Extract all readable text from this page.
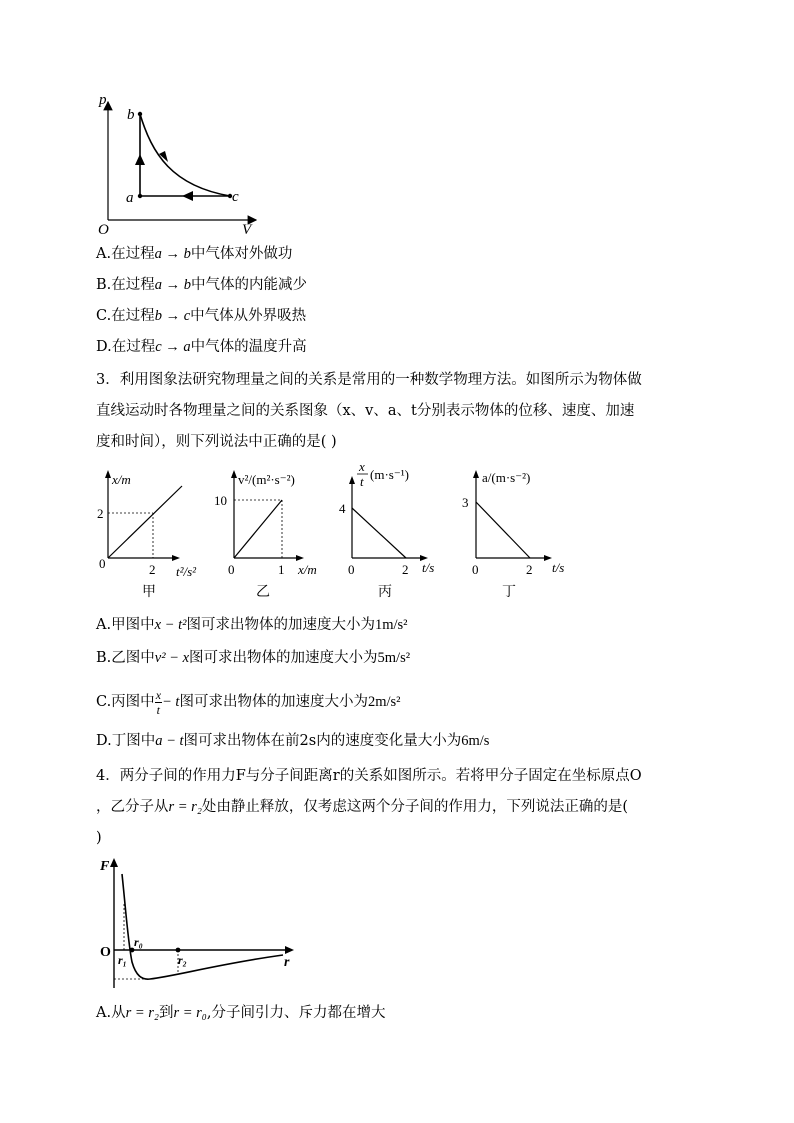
p
V
O
a
b
c
A.在过程a → b中气体对外做功
B.在过程a → b中气体的内能减少
C.在过程b → c中气体从外界吸热
D.在过程c → a中气体的温度升高
3．利用图象法研究物理量之间的关系是常用的一种数学物理方法。如图所示为物体做
直线运动时各物理量之间的关系图象（x、v、a、t分别表示物体的位移、速度、加速
度和时间），则下列说法中正确的是( )
x/m
t²/s²
2
2
0
甲
v²/(m²·s⁻²)
x/m
10
1
0
乙
x
t (m·s⁻¹)
t/s
4
2
0
丙
a/(m·s⁻²)
t/s
3
2
0
丁
A.甲图中x − t²图可求出物体的加速度大小为1m/s²
B.乙图中v² − x图可求出物体的加速度大小为5m/s²
C.丙图中 $\frac{x}{t} - t$图可求出物体的加速度大小为2m/s²
D.丁图中a − t图可求出物体在前2s内的速度变化量大小为6m/s
4．两分子间的作用力F与分子间距离r的关系如图所示。若将甲分子固定在坐标原点O
，乙分子从r = r₂处由静止释放，仅考虑这两个分子间的作用力，下列说法正确的是(
)
F
r
O
r₀
r₁	r₂
A.从r = r₂到r = r₀,分子间引力、斥力都在增大
